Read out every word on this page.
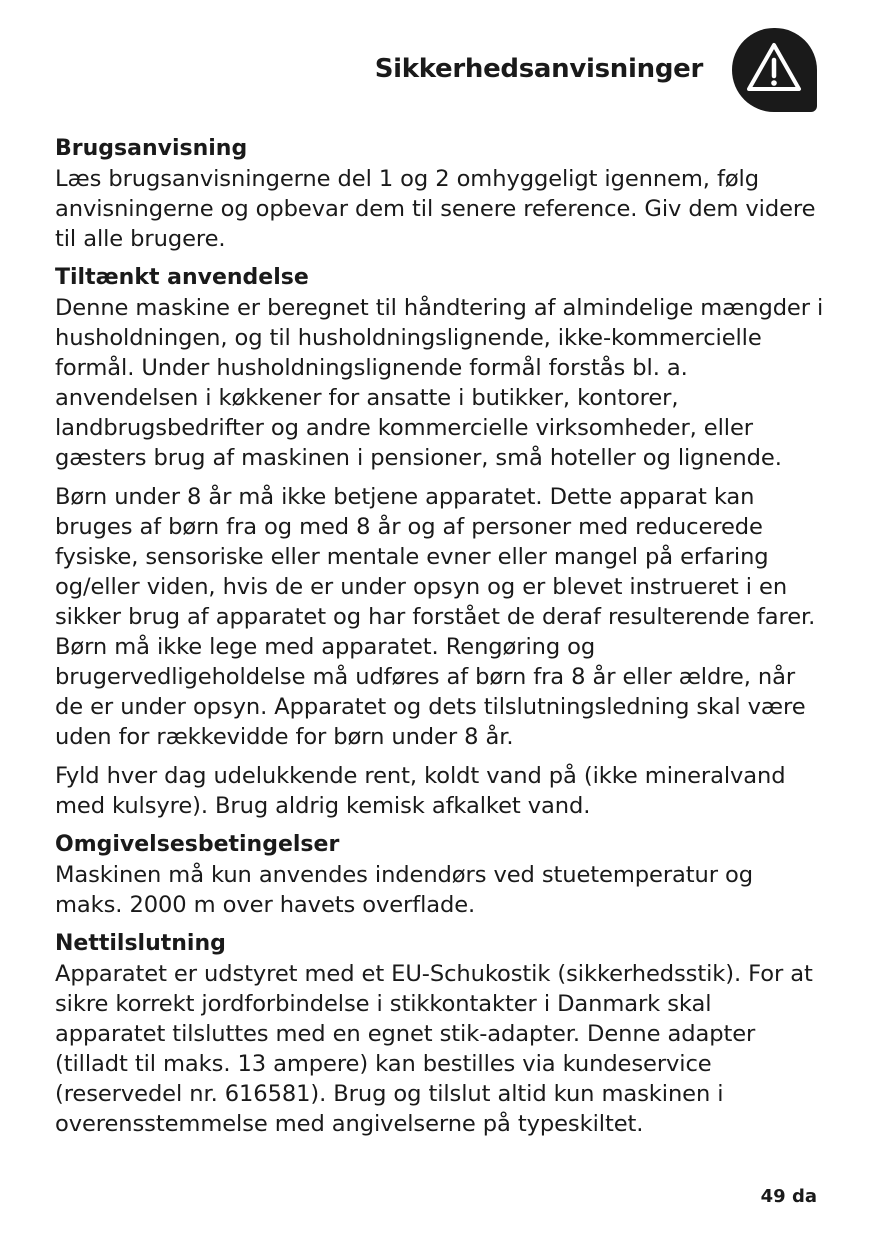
Sikkerhedsanvisninger
Brugsanvisning

Læs brugsanvisningerne del 1 og 2 omhyggeligt igennem, følg anvisningerne og opbevar dem til senere reference. Giv dem videre til alle brugere.

Tiltænkt anvendelse

Denne maskine er beregnet til håndtering af almindelige mængder i husholdningen, og til husholdningslignende, ikke-kommercielle formål. Under husholdningslignende formål forstås bl. a. anvendelsen i køkkener for ansatte i butikker, kontorer, landbrugsbedrifter og andre kommercielle virksomheder, eller gæsters brug af maskinen i pensioner, små hoteller og lignende.

Børn under 8 år må ikke betjene apparatet. Dette apparat kan bruges af børn fra og med 8 år og af personer med reducerede fysiske, sensoriske eller mentale evner eller mangel på erfaring og/eller viden, hvis de er under opsyn og er blevet instrueret i en sikker brug af apparatet og har forstået de deraf resulterende farer. Børn må ikke lege med apparatet. Rengøring og brugervedligeholdelse må udføres af børn fra 8 år eller ældre, når de er under opsyn. Apparatet og dets tilslutningsledning skal være uden for rækkevidde for børn under 8 år.

Fyld hver dag udelukkende rent, koldt vand på (ikke mineralvand med kulsyre). Brug aldrig kemisk afkalket vand.

Omgivelsesbetingelser

Maskinen må kun anvendes indendørs ved stuetemperatur og maks. 2000 m over havets overflade.

Nettilslutning

Apparatet er udstyret med et EU-Schukostik (sikkerhedsstik). For at sikre korrekt jordforbindelse i stikkontakter i Danmark skal apparatet tilsluttes med en egnet stik-adapter. Denne adapter (tilladt til maks. 13 ampere) kan bestilles via kundeservice (reservedel nr. 616581). Brug og tilslut altid kun maskinen i overensstemmelse med angivelserne på typeskiltet.

49 da
